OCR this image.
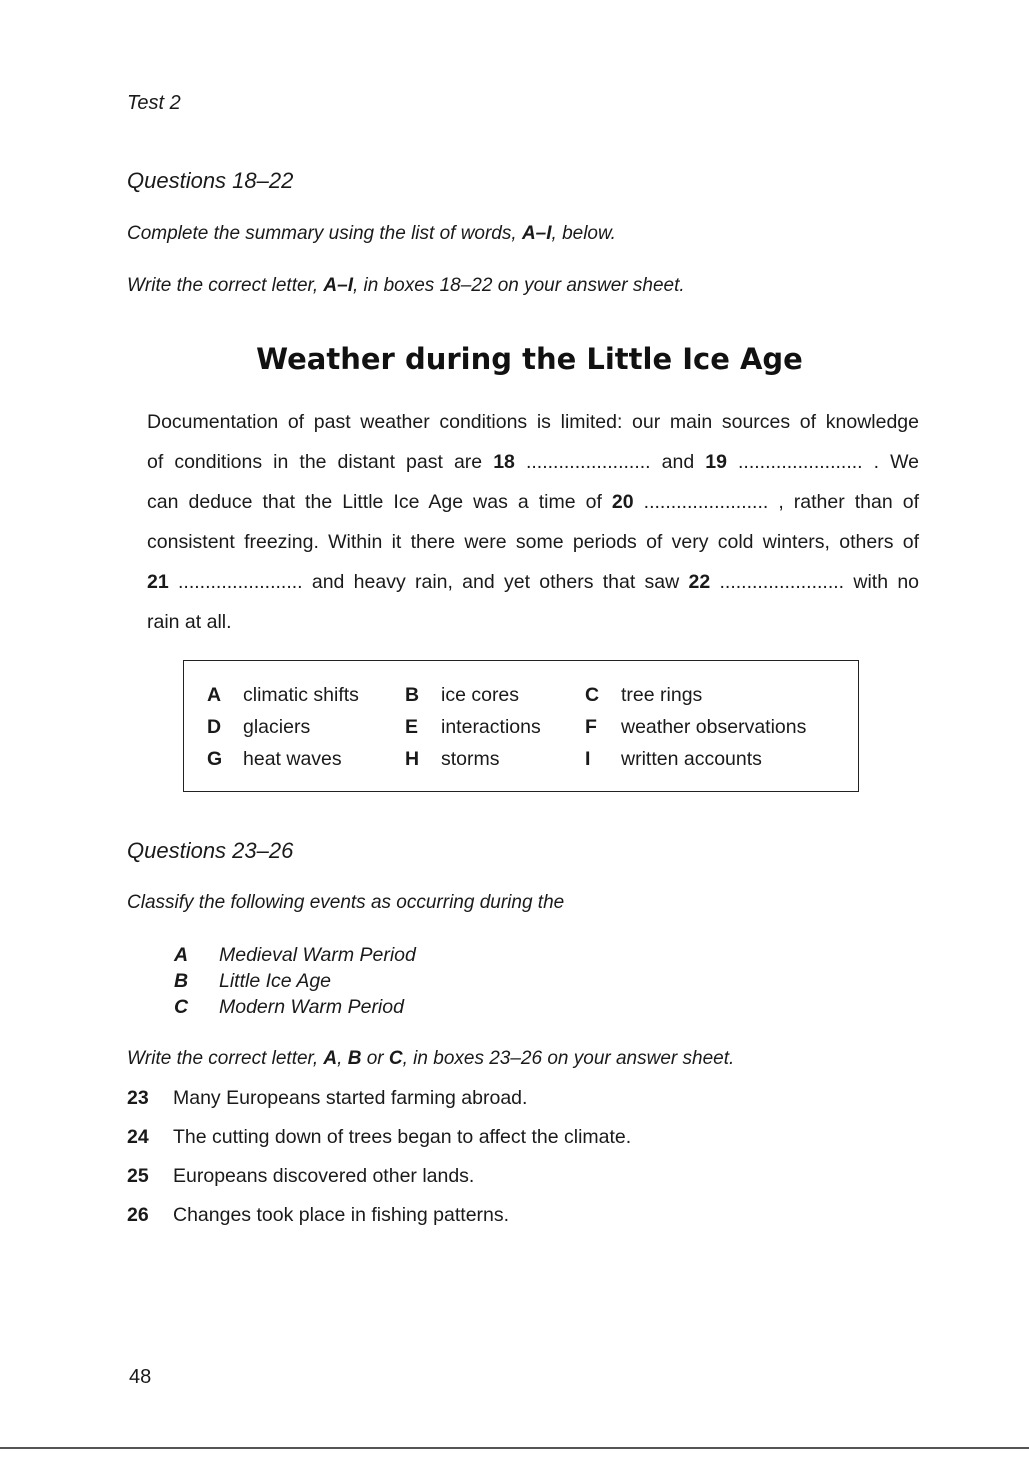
Test 2
Questions 18–22
Complete the summary using the list of words, A–I, below.
Write the correct letter, A–I, in boxes 18–22 on your answer sheet.
Weather during the Little Ice Age
Documentation of past weather conditions is limited: our main sources of knowledge
of conditions in the distant past are 18 ....................... and 19 ....................... . We
can deduce that the Little Ice Age was a time of 20 ....................... , rather than of
consistent freezing. Within it there were some periods of very cold winters, others of
21 ....................... and heavy rain, and yet others that saw 22 ....................... with no
rain at all.
A climatic shifts B ice cores	C tree rings
D glaciers	E interactions F weather observations
G heat waves	H storms	I written accounts
Questions 23–26
Classify the following events as occurring during the
A Medieval Warm Period
B Little Ice Age
C Modern Warm Period
Write the correct letter, A, B or C, in boxes 23–26 on your answer sheet.
23 Many Europeans started farming abroad.
24 The cutting down of trees began to affect the climate.
25 Europeans discovered other lands.
26 Changes took place in fishing patterns.
48
